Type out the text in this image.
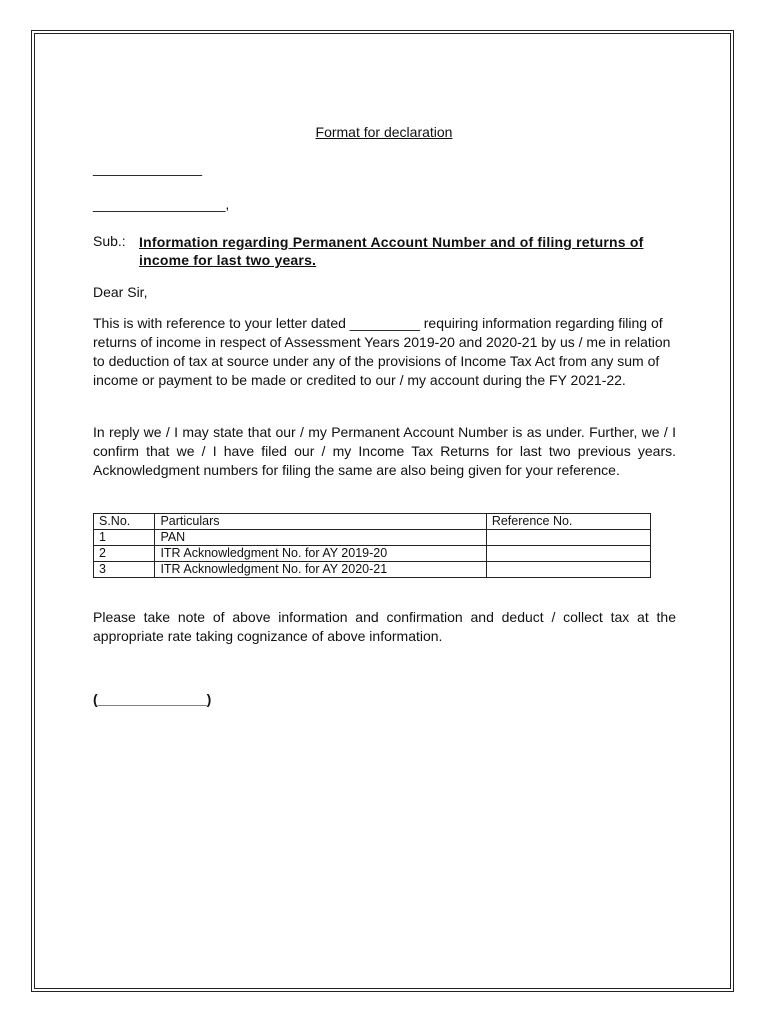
Format for declaration
______________
_________________,
Sub.: Information regarding Permanent Account Number and of filing returns of income for last two years.
Dear Sir,
This is with reference to your letter dated _________ requiring information regarding filing of returns of income in respect of Assessment Years 2019-20 and 2020-21 by us / me in relation to deduction of tax at source under any of the provisions of Income Tax Act from any sum of income or payment to be made or credited to our / my account during the FY 2021-22.
In reply we / I may state that our / my Permanent Account Number is as under. Further, we / I confirm that we / I have filed our / my Income Tax Returns for last two previous years. Acknowledgment numbers for filing the same are also being given for your reference.
S.No.	Particulars	Reference No.
1	PAN	
2	ITR Acknowledgment No. for AY 2019-20	
3	ITR Acknowledgment No. for AY 2020-21	
Please take note of above information and confirmation and deduct / collect tax at the appropriate rate taking cognizance of above information.
(______________)
